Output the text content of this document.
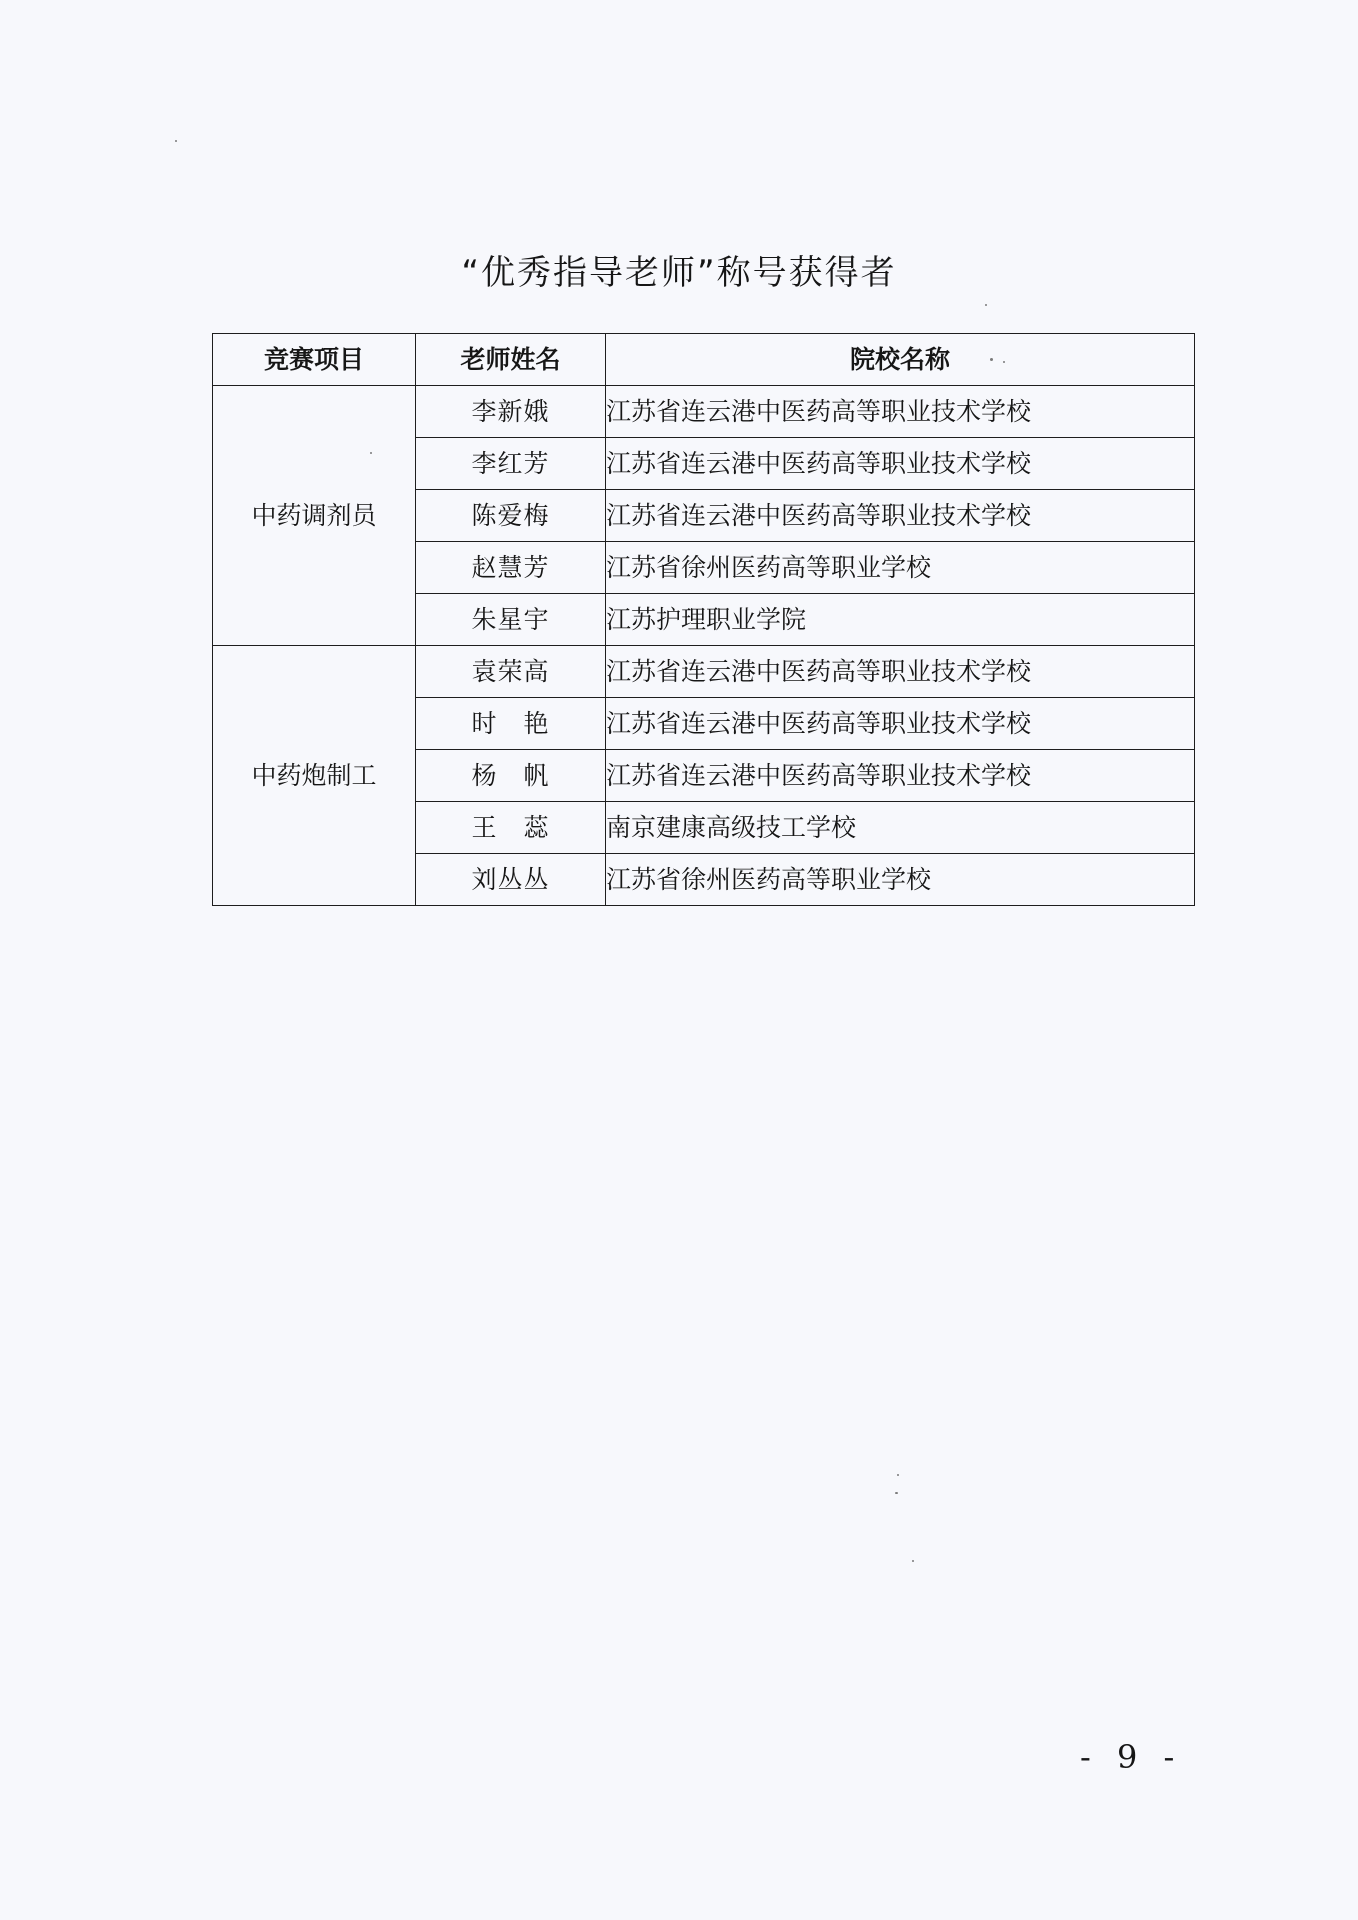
“优秀指导老师”称号获得者
竞赛项目	老师姓名	院校名称
中药调剂员	李新娥	江苏省连云港中医药高等职业技术学校
	李红芳	江苏省连云港中医药高等职业技术学校
	陈爱梅	江苏省连云港中医药高等职业技术学校
	赵慧芳	江苏省徐州医药高等职业学校
	朱星宇	江苏护理职业学院
中药炮制工	袁荣高	江苏省连云港中医药高等职业技术学校
	时　艳	江苏省连云港中医药高等职业技术学校
	杨　帆	江苏省连云港中医药高等职业技术学校
	王　蕊	南京建康高级技工学校
	刘丛丛	江苏省徐州医药高等职业学校
- 9 -
